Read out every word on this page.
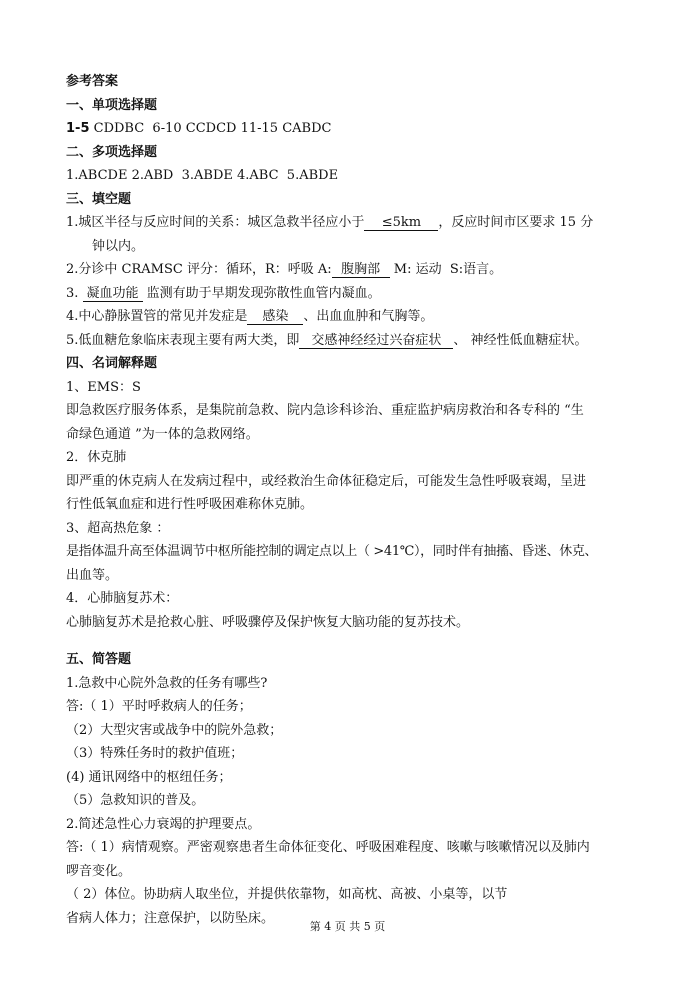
参考答案
一、单项选择题
1-5 CDDBC  6-10 CCDCD 11-15 CABDC
二、多项选择题
1.ABCDE 2.ABD  3.ABDE 4.ABC  5.ABDE
三、填空题
1.城区半径与反应时间的关系：城区急救半径应小于 ≤5km ，反应时间市区要求 15 分
钟以内。
2.分诊中 CRAMSC 评分：循环，R：呼吸 A: 腹胸部 M: 运动  S:语言。
3. 凝血功能 监测有助于早期发现弥散性血管内凝血。
4.中心静脉置管的常见并发症是 感染 、出血血肿和气胸等。
5.低血糖危象临床表现主要有两大类，即 交感神经经过兴奋症状 、 神经性低血糖症状。
四、名词解释题
1、EMS：S
即急救医疗服务体系，是集院前急救、院内急诊科诊治、重症监护病房救治和各专科的 “生
命绿色通道 ”为一体的急救网络。
2．休克肺
即严重的休克病人在发病过程中，或经救治生命体征稳定后，可能发生急性呼吸衰竭，呈进
行性低氧血症和进行性呼吸困难称休克肺。
3、超高热危象 ：
是指体温升高至体温调节中枢所能控制的调定点以上（ >41℃），同时伴有抽搐、昏迷、休克、
出血等。
4．心肺脑复苏术：
心肺脑复苏术是抢救心脏、呼吸骤停及保护恢复大脑功能的复苏技术。
五、简答题
1.急救中心院外急救的任务有哪些?
答:（ 1）平时呼救病人的任务；
（2）大型灾害或战争中的院外急救；
（3）特殊任务时的救护值班；
(4) 通讯网络中的枢纽任务；
（5）急救知识的普及。
2.简述急性心力衰竭的护理要点。
答:（ 1）病情观察。严密观察患者生命体征变化、呼吸困难程度、咳嗽与咳嗽情况以及肺内
啰音变化。
（ 2）体位。协助病人取坐位，并提供依靠物，如高枕、高被、小桌等，以节
省病人体力；注意保护，以防坠床。
第 4 页 共 5 页
